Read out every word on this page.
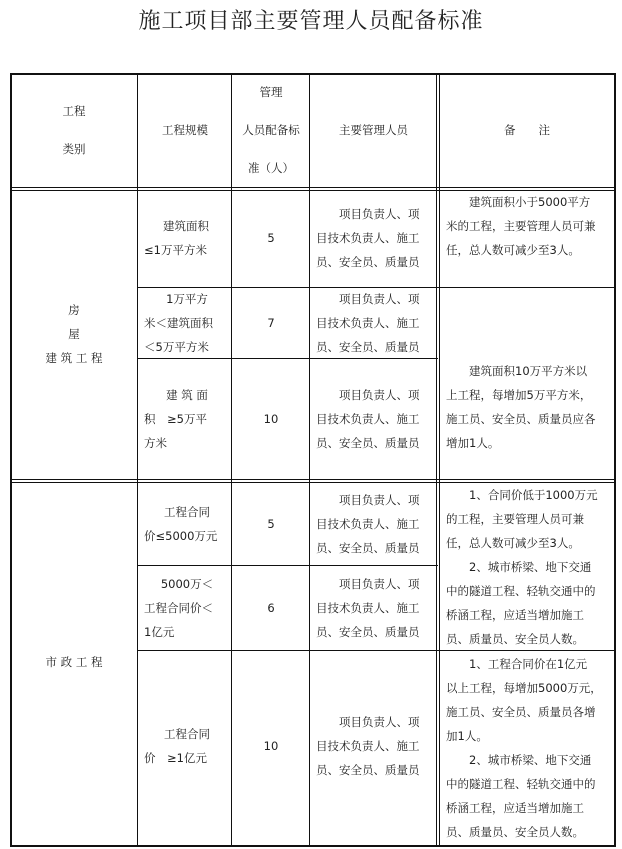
施工项目部主要管理人员配备标准
工程
类别
工程规模
管理
人员配备标
准（人）
主要管理人员	备　　注
房
屋
建 筑 工 程
建筑面积
≤1万平方米
5
项目负责人、项
目技术负责人、施工
员、安全员、质量员
建筑面积小于5000平方
米的工程，主要管理人员可兼
任，总人数可减少至3人。
1万平方
米＜建筑面积
＜5万平方米
7
项目负责人、项
目技术负责人、施工
员、安全员、质量员
建 筑 面
积　≥5万平
方米
10
项目负责人、项
目技术负责人、施工
员、安全员、质量员
建筑面积10万平方米以
上工程，每增加5万平方米，
施工员、安全员、质量员应各
增加1人。
市 政 工 程
工程合同
价≤5000万元
5
项目负责人、项
目技术负责人、施工
员、安全员、质量员
5000万＜
工程合同价＜
1亿元
6
项目负责人、项
目技术负责人、施工
员、安全员、质量员
1、合同价低于1000万元
的工程，主要管理人员可兼
任，总人数可减少至3人。
2、城市桥梁、地下交通
中的隧道工程、轻轨交通中的
桥涵工程，应适当增加施工
员、质量员、安全员人数。
工程合同
价　≥1亿元
10
项目负责人、项
目技术负责人、施工
员、安全员、质量员
1、工程合同价在1亿元
以上工程，每增加5000万元，
施工员、安全员、质量员各增
加1人。
2、城市桥梁、地下交通
中的隧道工程、轻轨交通中的
桥涵工程，应适当增加施工
员、质量员、安全员人数。
